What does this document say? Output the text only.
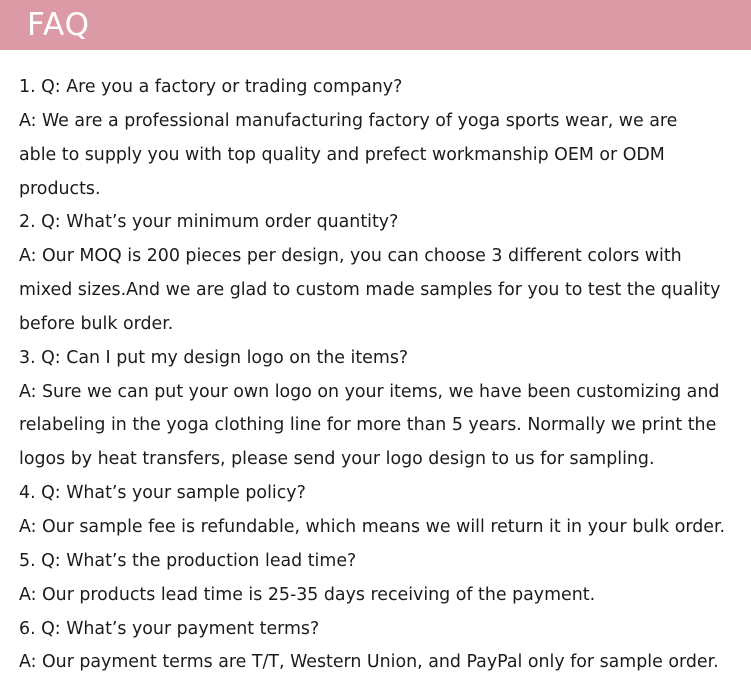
FAQ
1. Q: Are you a factory or trading company?
A: We are a professional manufacturing factory of yoga sports wear, we are
able to supply you with top quality and prefect workmanship OEM or ODM
products.
2. Q: What’s your minimum order quantity?
A: Our MOQ is 200 pieces per design, you can choose 3 different colors with
mixed sizes.And we are glad to custom made samples for you to test the quality
before bulk order.
3. Q: Can I put my design logo on the items?
A: Sure we can put your own logo on your items, we have been customizing and
relabeling in the yoga clothing line for more than 5 years. Normally we print the
logos by heat transfers, please send your logo design to us for sampling.
4. Q: What’s your sample policy?
A: Our sample fee is refundable, which means we will return it in your bulk order.
5. Q: What’s the production lead time?
A: Our products lead time is 25-35 days receiving of the payment.
6. Q: What’s your payment terms?
A: Our payment terms are T/T, Western Union, and PayPal only for sample order.
